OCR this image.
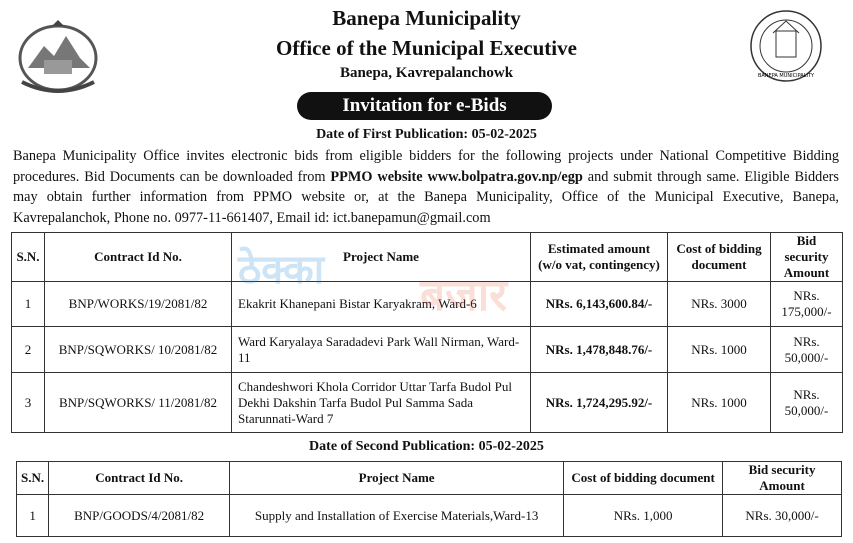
BANEPA MUNICIPALITY
Banepa Municipality
Office of the Municipal Executive
Banepa, Kavrepalanchowk
Invitation for e-Bids
Date of First Publication: 05-02-2025
Banepa Municipality Office invites electronic bids from eligible bidders for the following projects under National Competitive Bidding procedures. Bid Documents can be downloaded from PPMO website www.bolpatra.gov.np/egp and submit through same. Eligible Bidders may obtain further information from PPMO website or, at the Banepa Municipality, Office of the Municipal Executive, Banepa, Kavrepalanchok, Phone no. 0977-11-661407, Email id: ict.banepamun@gmail.com
S.N.	Contract Id No.	Project Name	Estimated amount (w/o vat, contingency)	Cost of bidding document	Bid security Amount
1	BNP/WORKS/19/2081/82	Ekakrit Khanepani Bistar Karyakram, Ward-6	NRs. 6,143,600.84/-	NRs. 3000	NRs. 175,000/-
2	BNP/SQWORKS/ 10/2081/82	Ward Karyalaya Saradadevi Park Wall Nirman, Ward-11	NRs. 1,478,848.76/-	NRs. 1000	NRs. 50,000/-
3	BNP/SQWORKS/ 11/2081/82	Chandeshwori Khola Corridor Uttar Tarfa Budol Pul Dekhi Dakshin Tarfa Budol Pul Samma Sada Starunnati-Ward 7	NRs. 1,724,295.92/-	NRs. 1000	NRs. 50,000/-
ठेक्का बजार
Date of Second Publication: 05-02-2025
S.N.	Contract Id No.	Project Name	Cost of bidding document	Bid security Amount
1	BNP/GOODS/4/2081/82	Supply and Installation of Exercise Materials,Ward-13	NRs. 1,000	NRs. 30,000/-
